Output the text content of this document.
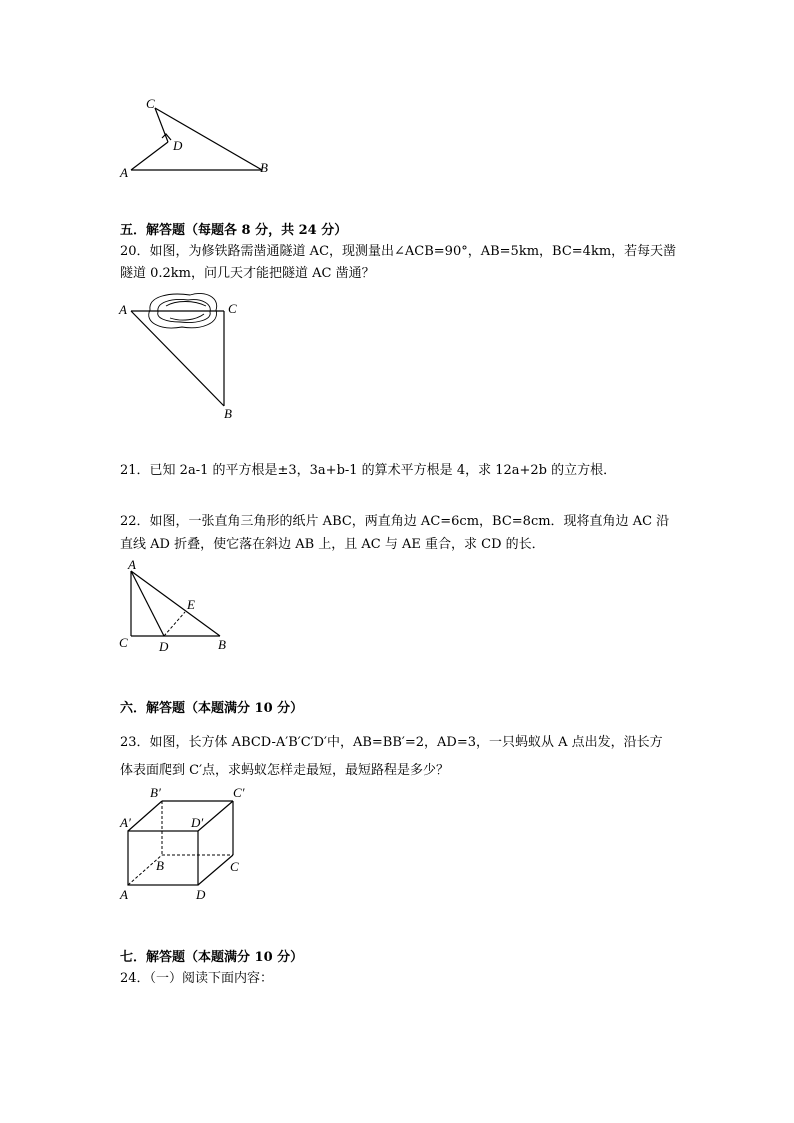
C
D
A	B
五．解答题（每题各 8 分，共 24 分）
20．如图，为修铁路需凿通隧道 AC，现测量出∠ACB=90°，AB=5km，BC=4km，若每天凿
隧道 0.2km，问几天才能把隧道 AC 凿通？
A	C
B
21．已知 2a-1 的平方根是±3，3a+b-1 的算术平方根是 4，求 12a+2b 的立方根．
22．如图，一张直角三角形的纸片 ABC，两直角边 AC=6cm，BC=8cm．现将直角边 AC 沿
直线 AD 折叠，使它落在斜边 AB 上，且 AC 与 AE 重合，求 CD 的长．
A
E
C D	B
六．解答题（本题满分 10 分）
23．如图，长方体 ABCD-A′B′C′D′中，AB=BB′=2，AD=3，一只蚂蚁从 A 点出发，沿长方
体表面爬到 C′点，求蚂蚁怎样走最短，最短路程是多少？
B′	C′
A′	D′
B	C
A	D
七．解答题（本题满分 10 分）
24．（一）阅读下面内容：
